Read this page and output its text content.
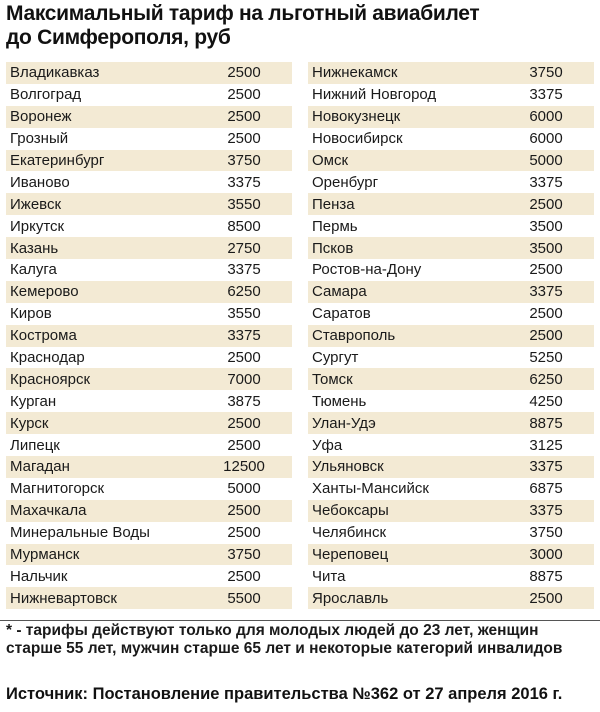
Максимальный тариф на льготный авиабилет до Симферополя, руб
Владикавказ	2500
Волгоград	2500
Воронеж	2500
Грозный	2500
Екатеринбург	3750
Иваново	3375
Ижевск	3550
Иркутск	8500
Казань	2750
Калуга	3375
Кемерово	6250
Киров	3550
Кострома	3375
Краснодар	2500
Красноярск	7000
Курган	3875
Курск	2500
Липецк	2500
Магадан	12500
Магнитогорск	5000
Махачкала	2500
Минеральные Воды	2500
Мурманск	3750
Нальчик	2500
Нижневартовск	5500
Нижнекамск	3750
Нижний Новгород	3375
Новокузнецк	6000
Новосибирск	6000
Омск	5000
Оренбург	3375
Пенза	2500
Пермь	3500
Псков	3500
Ростов-на-Дону	2500
Самара	3375
Саратов	2500
Ставрополь	2500
Сургут	5250
Томск	6250
Тюмень	4250
Улан-Удэ	8875
Уфа	3125
Ульяновск	3375
Ханты-Мансийск	6875
Чебоксары	3375
Челябинск	3750
Череповец	3000
Чита	8875
Ярославль	2500
* - тарифы действуют только для молодых людей до 23 лет, женщин старше 55 лет, мужчин старше 65 лет и некоторые категорий инвалидов
Источник: Постановление правительства №362 от 27 апреля 2016 г.
